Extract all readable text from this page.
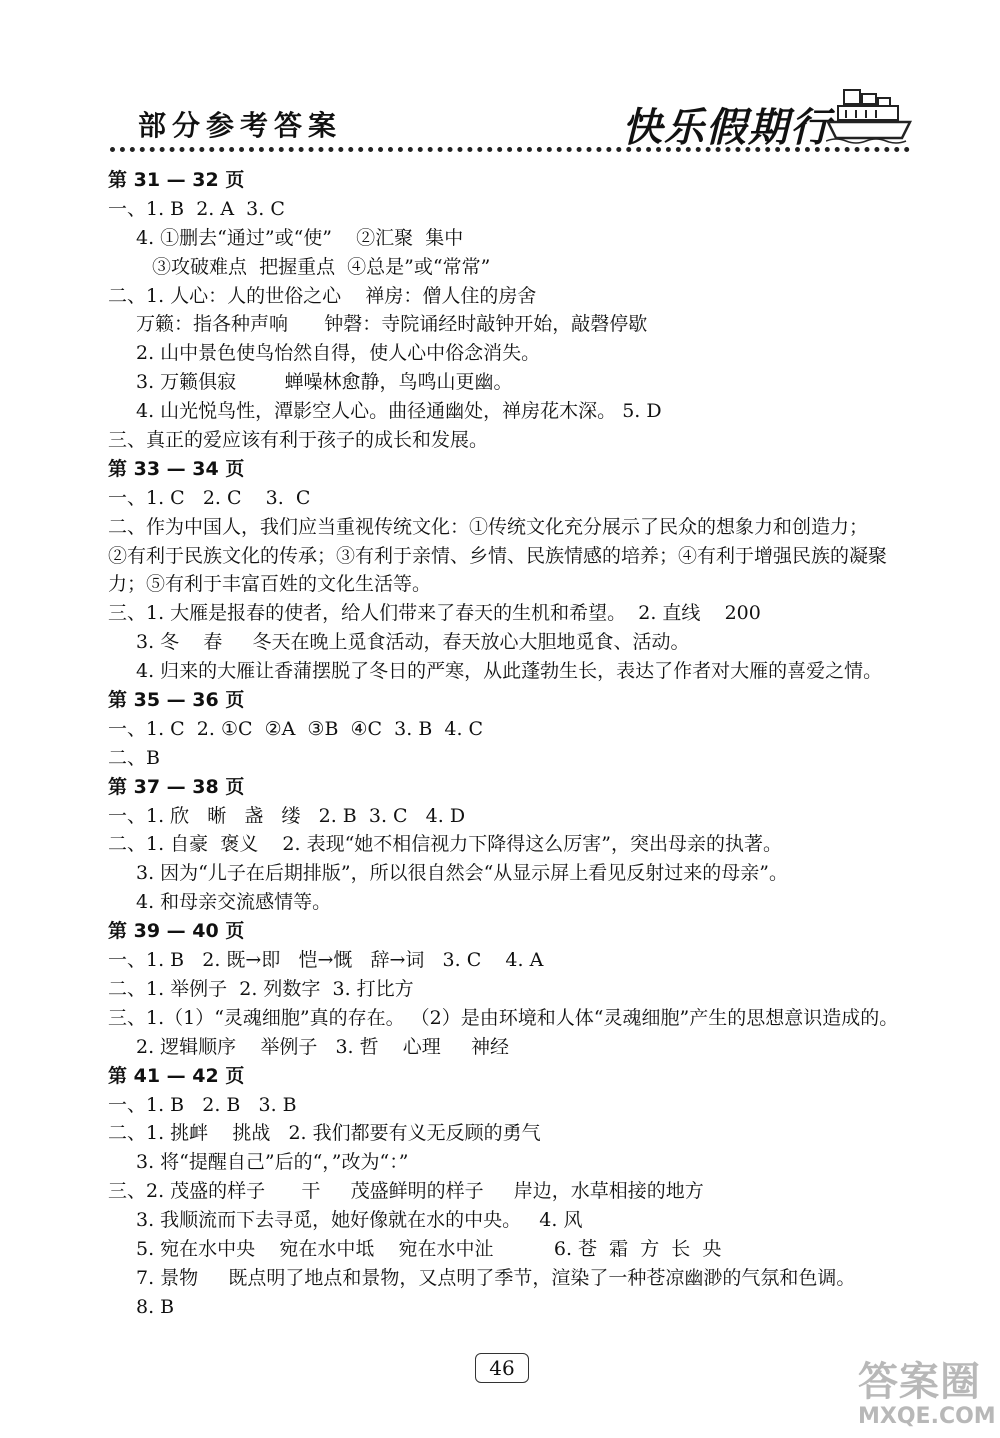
部分参考答案	快乐假期行
第 31 — 32 页
一、1. B  2. A  3. C
4. ①删去“通过”或“使”    ②汇聚  集中
③攻破难点  把握重点  ④总是”或“常常”
二、1. 人心：人的世俗之心    禅房：僧人住的房舍
万籁：指各种声响      钟磬：寺院诵经时敲钟开始，敲磬停歇
2. 山中景色使鸟怡然自得，使人心中俗念消失。
3. 万籁俱寂        蝉噪林愈静，鸟鸣山更幽。
4. 山光悦鸟性，潭影空人心。曲径通幽处，禅房花木深。 5. D
三、真正的爱应该有利于孩子的成长和发展。
第 33 — 34 页
一、1. C   2. C    3.  C
二、作为中国人，我们应当重视传统文化：①传统文化充分展示了民众的想象力和创造力；
②有利于民族文化的传承；③有利于亲情、乡情、民族情感的培养；④有利于增强民族的凝聚
力；⑤有利于丰富百姓的文化生活等。
三、1. 大雁是报春的使者，给人们带来了春天的生机和希望。  2. 直线    200
3. 冬    春     冬天在晚上觅食活动，春天放心大胆地觅食、活动。
4. 归来的大雁让香蒲摆脱了冬日的严寒，从此蓬勃生长，表达了作者对大雁的喜爱之情。
第 35 — 36 页
一、1. C  2. ①C  ②A  ③B  ④C  3. B  4. C
二、B
第 37 — 38 页
一、1. 欣   晰   盏   缕   2. B  3. C   4. D
二、1. 自豪  褒义    2. 表现“她不相信视力下降得这么厉害”，突出母亲的执著。
3. 因为“儿子在后期排版”，所以很自然会“从显示屏上看见反射过来的母亲”。
4. 和母亲交流感情等。
第 39 — 40 页
一、1. B   2. 既→即   恺→慨   辞→词   3. C    4. A
二、1. 举例子  2. 列数字  3. 打比方
三、1.（1）“灵魂细胞”真的存在。 （2）是由环境和人体“灵魂细胞”产生的思想意识造成的。
2. 逻辑顺序    举例子   3. 哲    心理     神经
第 41 — 42 页
一、1. B   2. B   3. B
二、1. 挑衅    挑战   2. 我们都要有义无反顾的勇气
3. 将“提醒自己”后的“，”改为“：”
三、2. 茂盛的样子      干     茂盛鲜明的样子     岸边，水草相接的地方
3. 我顺流而下去寻觅，她好像就在水的中央。   4. 风
5. 宛在水中央    宛在水中坻    宛在水中沚          6. 苍  霜  方  长  央
7. 景物     既点明了地点和景物，又点明了季节，渲染了一种苍凉幽渺的气氛和色调。
8. B
46	答案圈
MXQE.COM
